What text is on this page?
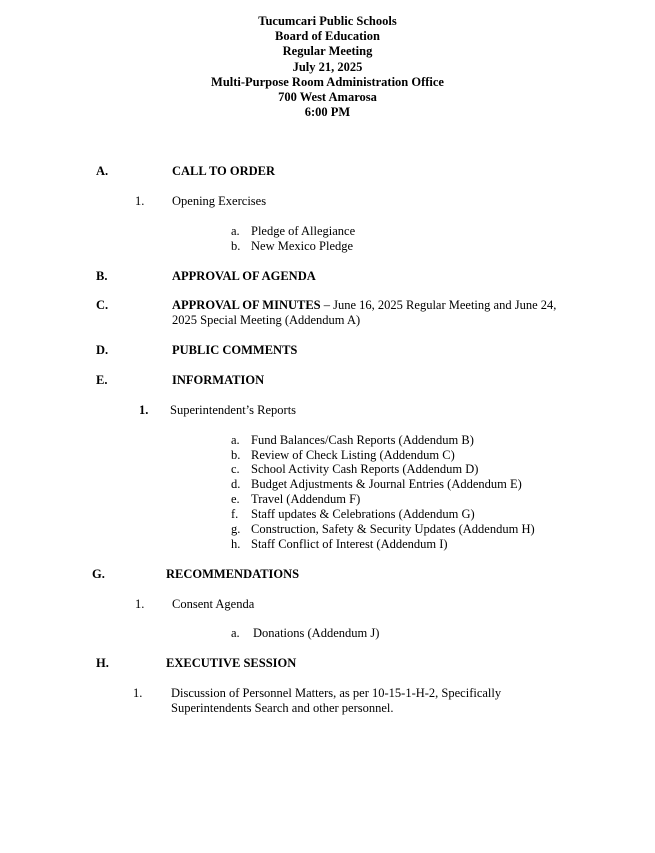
Tucumcari Public Schools
Board of Education
Regular Meeting
July 21, 2025
Multi-Purpose Room Administration Office
700 West Amarosa
6:00 PM
A.	CALL TO ORDER
1. Opening Exercises
a. Pledge of Allegiance
b. New Mexico Pledge
B.	APPROVAL OF AGENDA
C.	APPROVAL OF MINUTES – June 16, 2025 Regular Meeting and June 24,
2025 Special Meeting (Addendum A)
D.	PUBLIC COMMENTS
E.	INFORMATION
1. Superintendent’s Reports
a. Fund Balances/Cash Reports (Addendum B)
b. Review of Check Listing (Addendum C)
c. School Activity Cash Reports (Addendum D)
d. Budget Adjustments & Journal Entries (Addendum E)
e. Travel (Addendum F)
f. Staff updates & Celebrations (Addendum G)
g. Construction, Safety & Security Updates (Addendum H)
h. Staff Conflict of Interest (Addendum I)
G.	RECOMMENDATIONS
1. Consent Agenda
a. Donations (Addendum J)
H.	EXECUTIVE SESSION
1. Discussion of Personnel Matters, as per 10-15-1-H-2, Specifically
Superintendents Search and other personnel.
